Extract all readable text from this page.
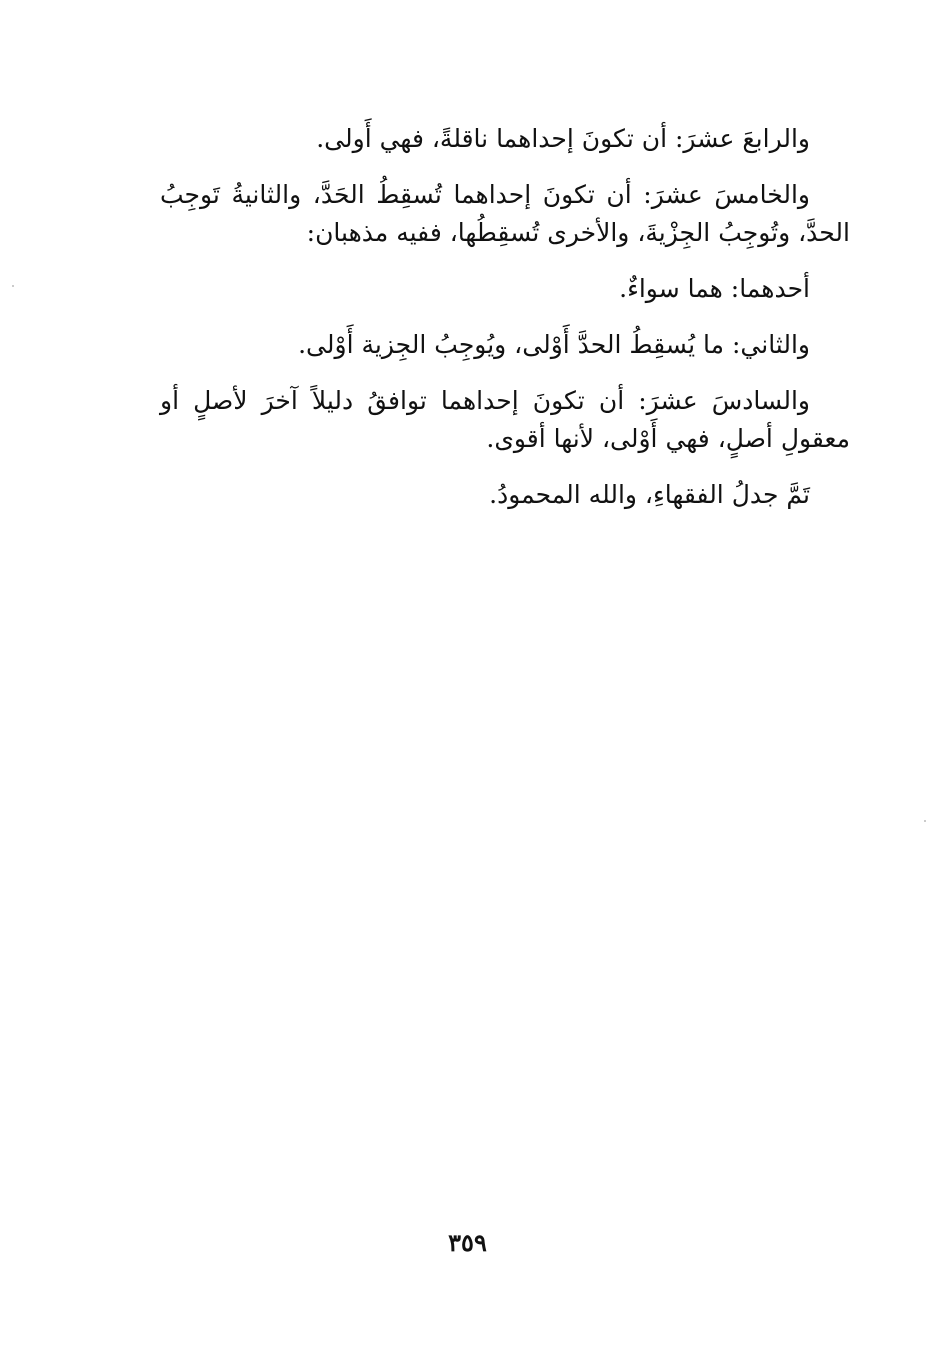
والرابعَ عشرَ: أن تكونَ إحداهما ناقلةً، فهي أَولى.

والخامسَ عشرَ: أن تكونَ إحداهما تُسقِطُ الحَدَّ، والثانيةُ تَوجِبُ الحدَّ، وتُوجِبُ الجِزْيةَ، والأخرى تُسقِطُها، ففيه مذهبان:

أحدهما: هما سواءٌ.

والثاني: ما يُسقِطُ الحدَّ أَوْلى، ويُوجِبُ الجِزية أَوْلى.

والسادسَ عشرَ: أن تكونَ إحداهما توافقُ دليلاً آخرَ لأصلٍ أو معقولِ أصلٍ، فهي أَوْلى، لأنها أقوى.

تَمَّ جدلُ الفقهاءِ، والله المحمودُ.

٣٥٩
